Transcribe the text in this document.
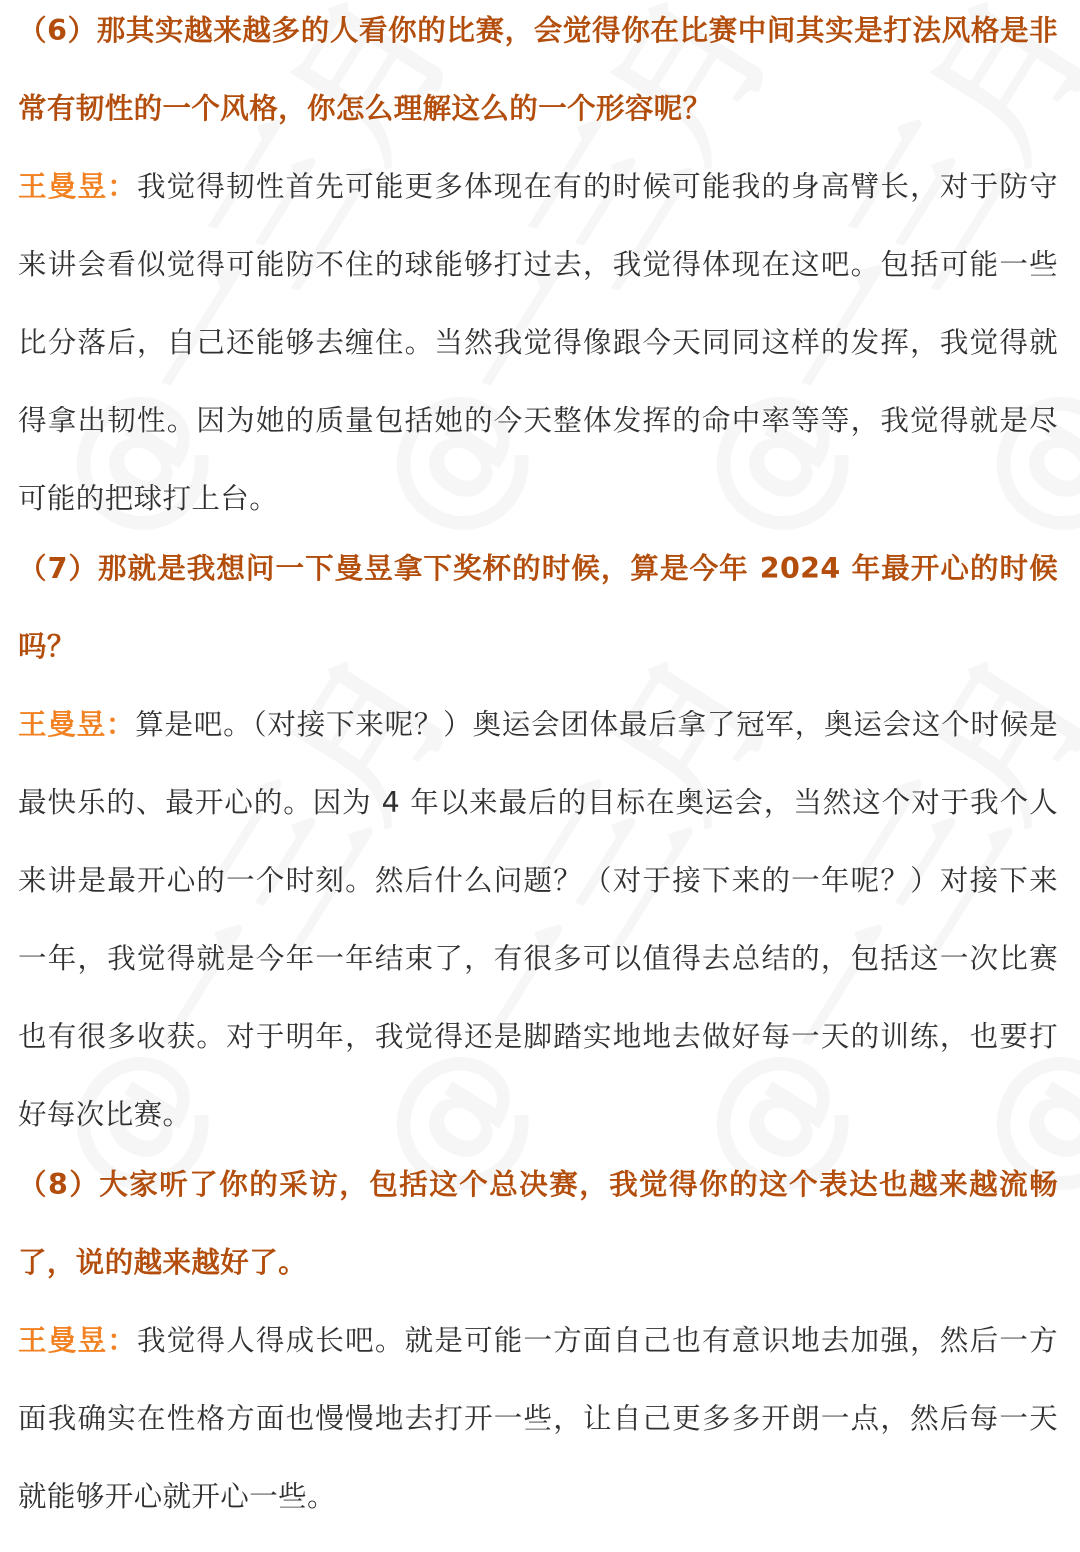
（6）那其实越来越多的人看你的比赛，会觉得你在比赛中间其实是打法风格是非常有韧性的一个风格，你怎么理解这么的一个形容呢？

王曼昱：我觉得韧性首先可能更多体现在有的时候可能我的身高臂长，对于防守来讲会看似觉得可能防不住的球能够打过去，我觉得体现在这吧。包括可能一些比分落后，自己还能够去缠住。当然我觉得像跟今天同同这样的发挥，我觉得就得拿出韧性。因为她的质量包括她的今天整体发挥的命中率等等，我觉得就是尽可能的把球打上台。

（7）那就是我想问一下曼昱拿下奖杯的时候，算是今年 2024 年最开心的时候吗？

王曼昱：算是吧。（对接下来呢？）奥运会团体最后拿了冠军，奥运会这个时候是最快乐的、最开心的。因为 4 年以来最后的目标在奥运会，当然这个对于我个人来讲是最开心的一个时刻。然后什么问题？（对于接下来的一年呢？）对接下来一年，我觉得就是今年一年结束了，有很多可以值得去总结的，包括这一次比赛也有很多收获。对于明年，我觉得还是脚踏实地地去做好每一天的训练，也要打好每次比赛。

（8）大家听了你的采访，包括这个总决赛，我觉得你的这个表达也越来越流畅了，说的越来越好了。

王曼昱：我觉得人得成长吧。就是可能一方面自己也有意识地去加强，然后一方面我确实在性格方面也慢慢地去打开一些，让自己更多多开朗一点，然后每一天就能够开心就开心一些。
